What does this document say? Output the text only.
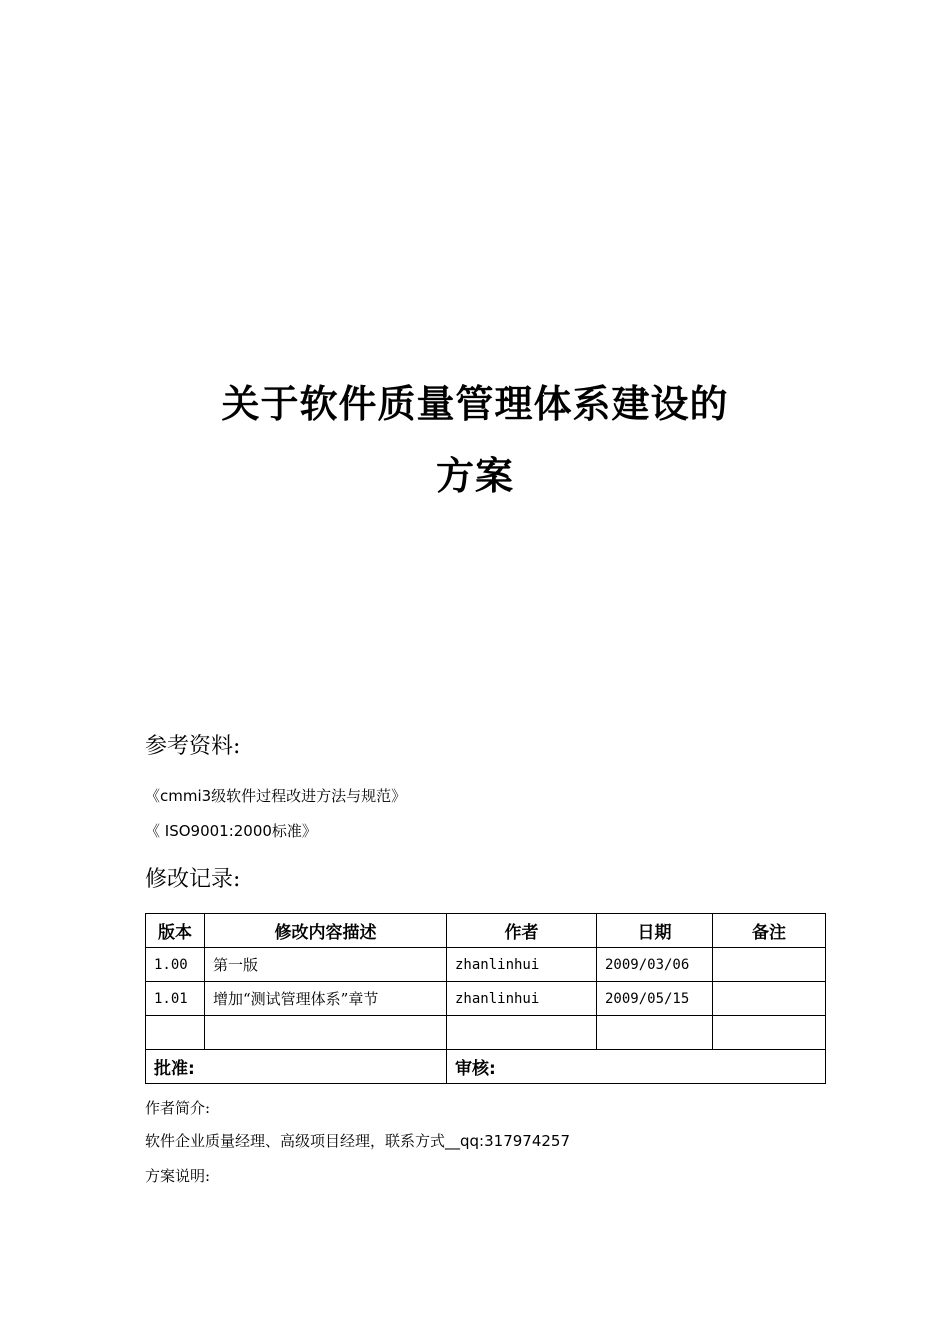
关于软件质量管理体系建设的
方案
参考资料:
《cmmi3级软件过程改进方法与规范》
《 ISO9001:2000标准》
修改记录:
版本	修改内容描述	作者	日期	备注
1.00	第一版	zhanlinhui	2009/03/06	
1.01	增加“测试管理体系”章节	zhanlinhui	2009/05/15	

批准:		审核:		
作者简介:
软件企业质量经理、高级项目经理，联系方式__qq:317974257
方案说明:
